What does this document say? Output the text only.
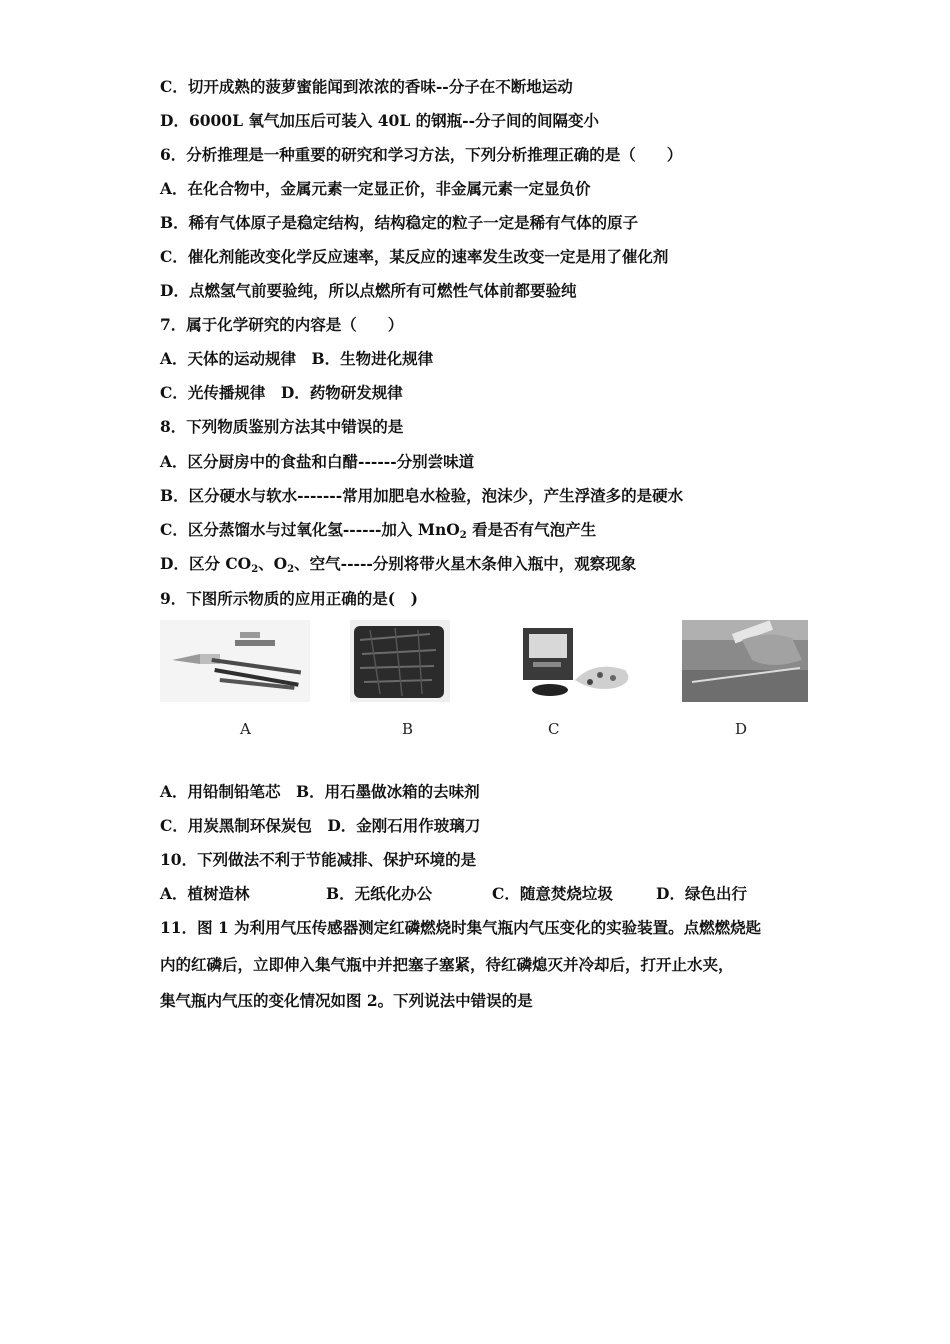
C．切开成熟的菠萝蜜能闻到浓浓的香味--分子在不断地运动
D．6000L 氧气加压后可装入 40L 的钢瓶--分子间的间隔变小
6．分析推理是一种重要的研究和学习方法，下列分析推理正确的是（　　）
A．在化合物中，金属元素一定显正价，非金属元素一定显负价
B．稀有气体原子是稳定结构，结构稳定的粒子一定是稀有气体的原子
C．催化剂能改变化学反应速率，某反应的速率发生改变一定是用了催化剂
D．点燃氢气前要验纯，所以点燃所有可燃性气体前都要验纯
7．属于化学研究的内容是（　　）
A．天体的运动规律　B．生物进化规律
C．光传播规律　D．药物研发规律
8．下列物质鉴别方法其中错误的是
A．区分厨房中的食盐和白醋------分别尝味道
B．区分硬水与软水-------常用加肥皂水检验，泡沫少，产生浮渣多的是硬水
C．区分蒸馏水与过氧化氢------加入 MnO$_2$ 看是否有气泡产生
D．区分 $CO_2$、$O_2$、空气-----分别将带火星木条伸入瓶中，观察现象
9．下图所示物质的应用正确的是(　)
A	B	C	D
A．用铅制铅笔芯　B．用石墨做冰箱的去味剂
C．用炭黑制环保炭包　D．金刚石用作玻璃刀
10．下列做法不利于节能减排、保护环境的是
A．植树造林	B．无纸化办公	C．随意焚烧垃圾	D．绿色出行
11．图 1 为利用气压传感器测定红磷燃烧时集气瓶内气压变化的实验装置。点燃燃烧匙
内的红磷后，立即伸入集气瓶中并把塞子塞紧，待红磷熄灭并冷却后，打开止水夹，
集气瓶内气压的变化情况如图 2。下列说法中错误的是
